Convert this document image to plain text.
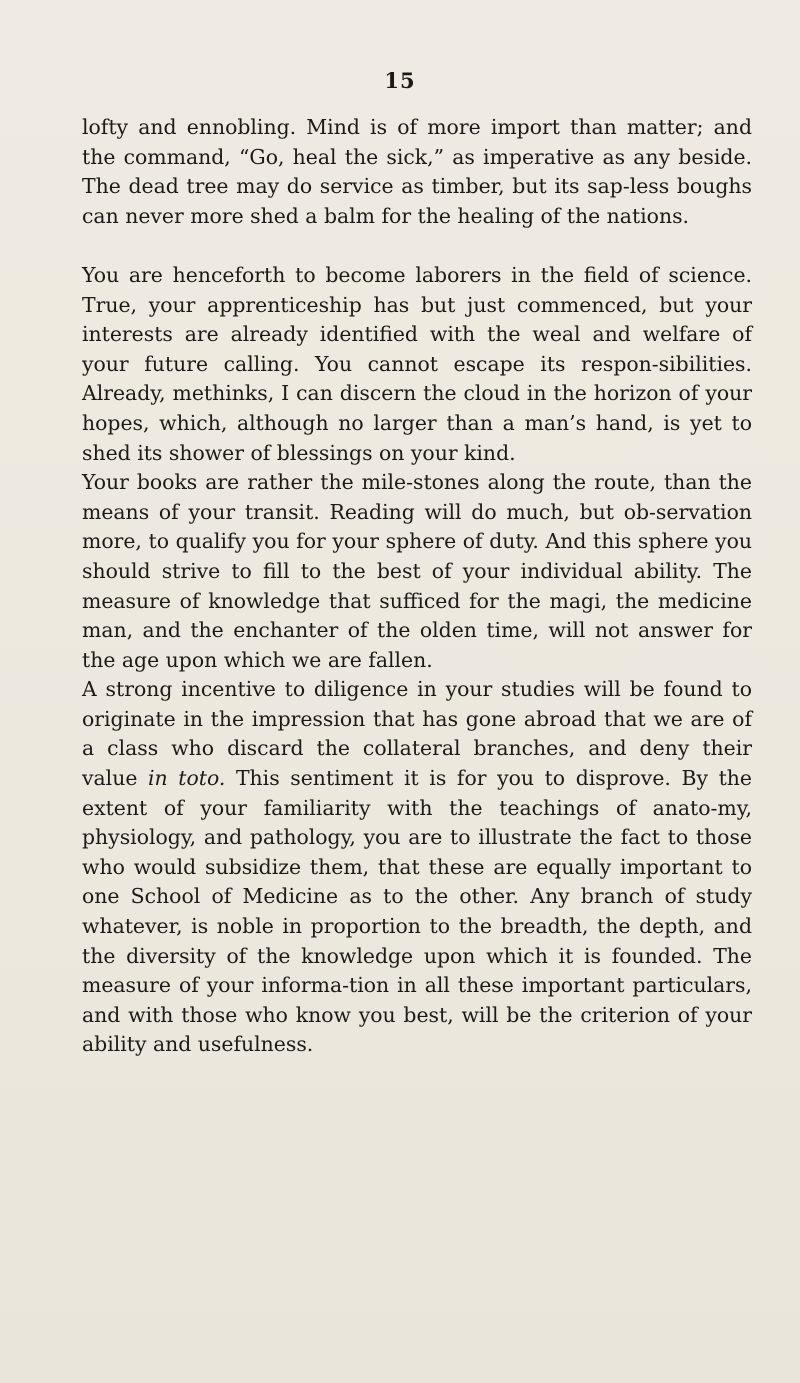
15

lofty and ennobling. Mind is of more import than matter; and the command, “Go, heal the sick,” as imperative as any beside. The dead tree may do service as timber, but its sap-less boughs can never more shed a balm for the healing of the nations.

You are henceforth to become laborers in the field of science. True, your apprenticeship has but just commenced, but your interests are already identified with the weal and welfare of your future calling. You cannot escape its respon-sibilities. Already, methinks, I can discern the cloud in the horizon of your hopes, which, although no larger than a man’s hand, is yet to shed its shower of blessings on your kind.

Your books are rather the mile-stones along the route, than the means of your transit. Reading will do much, but ob-servation more, to qualify you for your sphere of duty. And this sphere you should strive to fill to the best of your individual ability. The measure of knowledge that sufficed for the magi, the medicine man, and the enchanter of the olden time, will not answer for the age upon which we are fallen.

A strong incentive to diligence in your studies will be found to originate in the impression that has gone abroad that we are of a class who discard the collateral branches, and deny their value in toto. This sentiment it is for you to disprove. By the extent of your familiarity with the teachings of anato-my, physiology, and pathology, you are to illustrate the fact to those who would subsidize them, that these are equally important to one School of Medicine as to the other. Any branch of study whatever, is noble in proportion to the breadth, the depth, and the diversity of the knowledge upon which it is founded. The measure of your informa-tion in all these important particulars, and with those who know you best, will be the criterion of your ability and usefulness.
